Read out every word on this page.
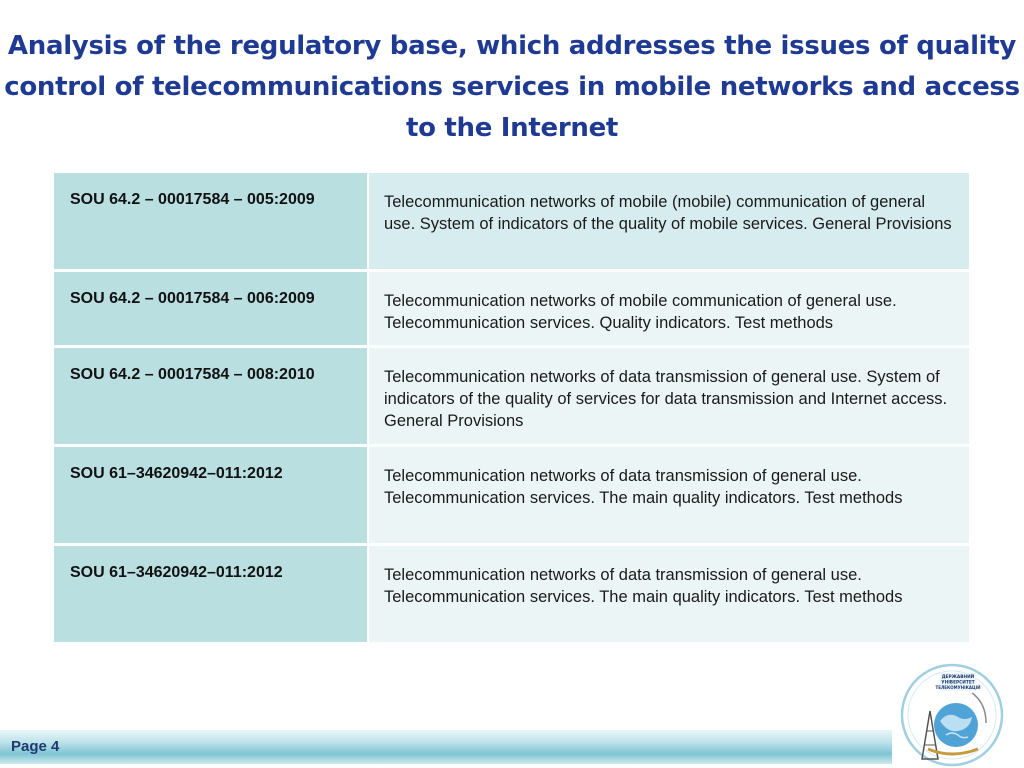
Analysis of the regulatory base, which addresses the issues of quality
control of telecommunications services in mobile networks and access
to the Internet
SOU 64.2 – 00017584 – 005:2009	Telecommunication networks of mobile (mobile) communication of general use. System of indicators of the quality of mobile services. General Provisions
SOU 64.2 – 00017584 – 006:2009	Telecommunication networks of mobile communication of general use. Telecommunication services. Quality indicators. Test methods
SOU 64.2 – 00017584 – 008:2010	Telecommunication networks of data transmission of general use. System of indicators of the quality of services for data transmission and Internet access. General Provisions
SOU 61–34620942–011:2012	Telecommunication networks of data transmission of general use. Telecommunication services. The main quality indicators. Test methods
SOU 61–34620942–011:2012	Telecommunication networks of data transmission of general use. Telecommunication services. The main quality indicators. Test methods
Page 4
ДЕРЖАВНИЙ
УНІВЕРСИТЕТ
ТЕЛЕКОМУНІКАЦІЙ
